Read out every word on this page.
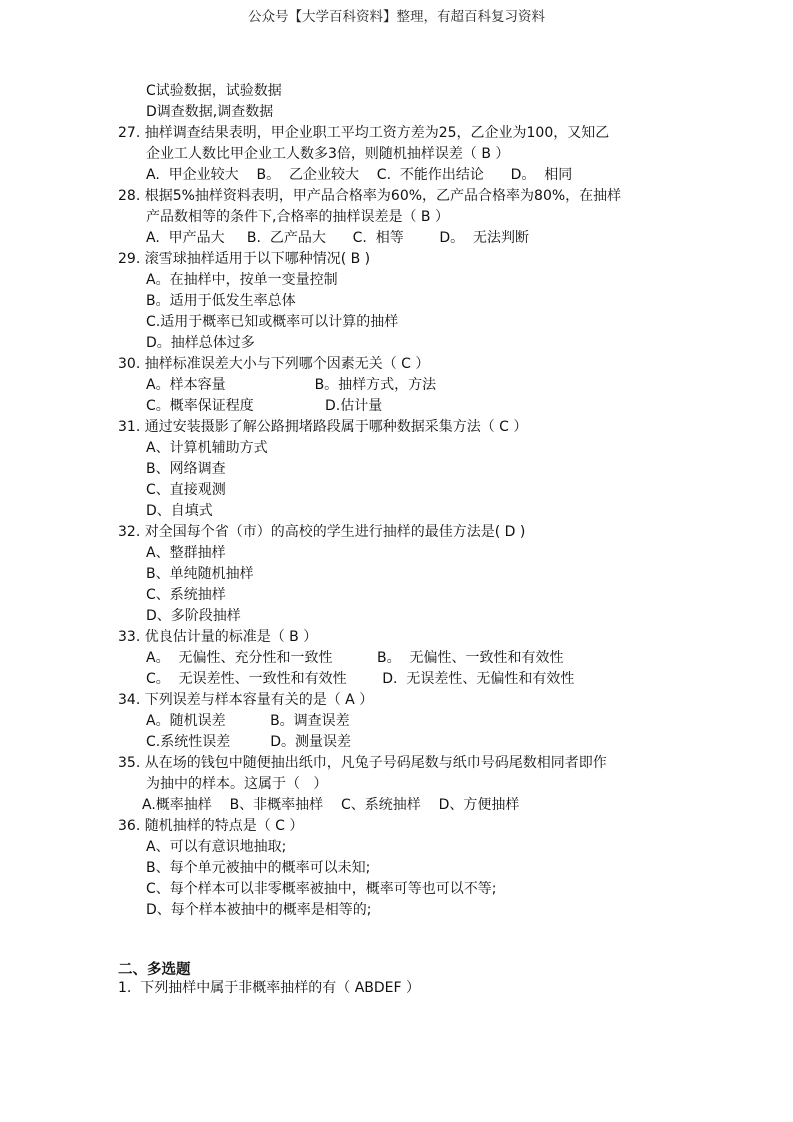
公众号【大学百科资料】整理，有超百科复习资料
C试验数据，试验数据
D调查数据,调查数据
27. 抽样调查结果表明，甲企业职工平均工资方差为25，乙企业为100，又知乙
企业工人数比甲企业工人数多3倍，则随机抽样误差（ B ）
A.  甲企业较大    B。  乙企业较大    C.  不能作出结论      D。  相同
28. 根据5%抽样资料表明，甲产品合格率为60%，乙产品合格率为80%，在抽样
产品数相等的条件下,合格率的抽样误差是（ B ）
A.  甲产品大     B.  乙产品大      C.  相等        D。  无法判断
29. 滚雪球抽样适用于以下哪种情况( B )
A。在抽样中，按单一变量控制
B。适用于低发生率总体
C.适用于概率已知或概率可以计算的抽样
D。抽样总体过多
30. 抽样标准误差大小与下列哪个因素无关（ C ）
A。样本容量                    B。抽样方式，方法
C。概率保证程度                D.估计量
31. 通过安装摄影了解公路拥堵路段属于哪种数据采集方法（ C ）
A、计算机辅助方式
B、网络调查
C、直接观测
D、自填式
32. 对全国每个省（市）的高校的学生进行抽样的最佳方法是( D )
A、整群抽样
B、单纯随机抽样
C、系统抽样
D、多阶段抽样
33. 优良估计量的标准是（ B ）
A。  无偏性、充分性和一致性          B。  无偏性、一致性和有效性
C。  无误差性、一致性和有效性        D.  无误差性、无偏性和有效性
34. 下列误差与样本容量有关的是（ A ）
A。随机误差          B。调查误差
C.系统性误差         D。测量误差
35. 从在场的钱包中随便抽出纸巾，凡兔子号码尾数与纸巾号码尾数相同者即作
为抽中的样本。这属于（   ）
A.概率抽样    B、非概率抽样    C、系统抽样    D、方便抽样
36. 随机抽样的特点是（ C ）
A、可以有意识地抽取;
B、每个单元被抽中的概率可以未知;
C、每个样本可以非零概率被抽中，概率可等也可以不等;
D、每个样本被抽中的概率是相等的;
二、多选题
1.  下列抽样中属于非概率抽样的有（ ABDEF ）
